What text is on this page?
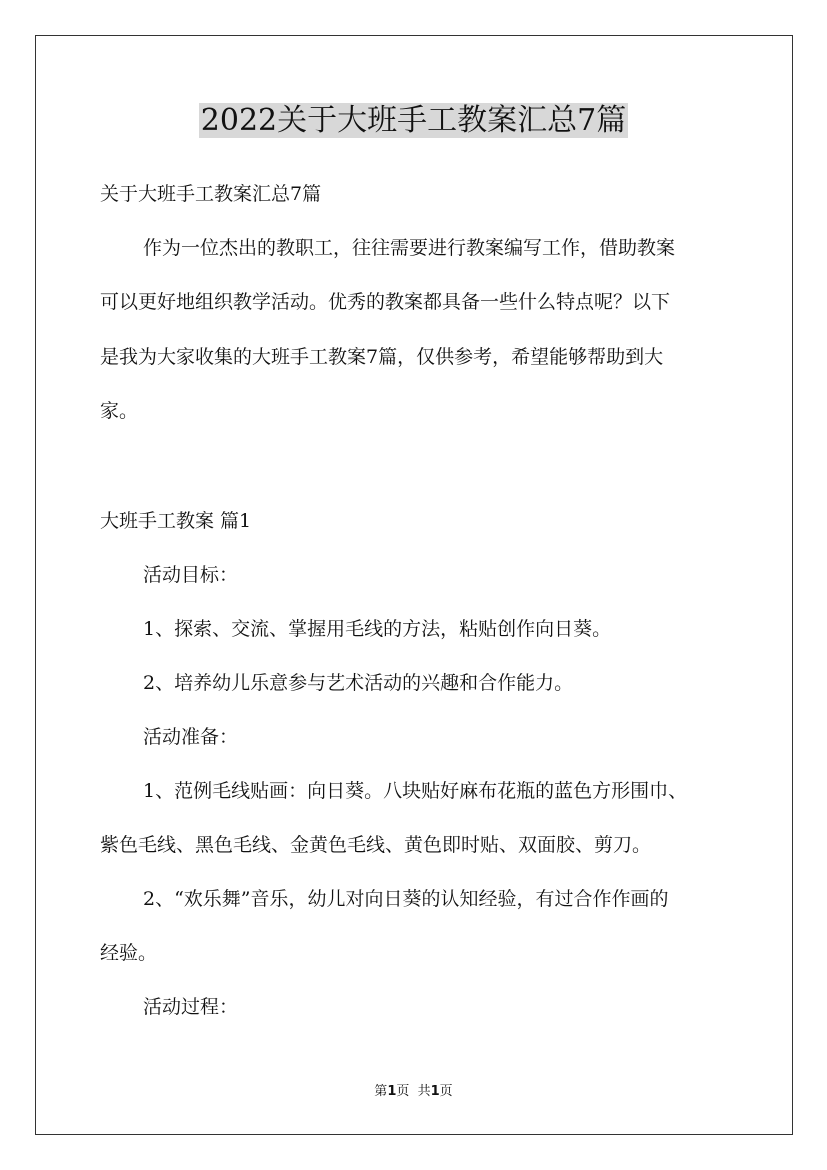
2022关于大班手工教案汇总7篇
关于大班手工教案汇总7篇
作为一位杰出的教职工，往往需要进行教案编写工作，借助教案
可以更好地组织教学活动。优秀的教案都具备一些什么特点呢？以下
是我为大家收集的大班手工教案7篇，仅供参考，希望能够帮助到大
家。
大班手工教案 篇1
活动目标：
1、探索、交流、掌握用毛线的方法，粘贴创作向日葵。
2、培养幼儿乐意参与艺术活动的兴趣和合作能力。
活动准备：
1、范例毛线贴画：向日葵。八块贴好麻布花瓶的蓝色方形围巾、
紫色毛线、黑色毛线、金黄色毛线、黄色即时贴、双面胶、剪刀。
2、“欢乐舞”音乐，幼儿对向日葵的认知经验，有过合作作画的
经验。
活动过程：
第1页  共1页
